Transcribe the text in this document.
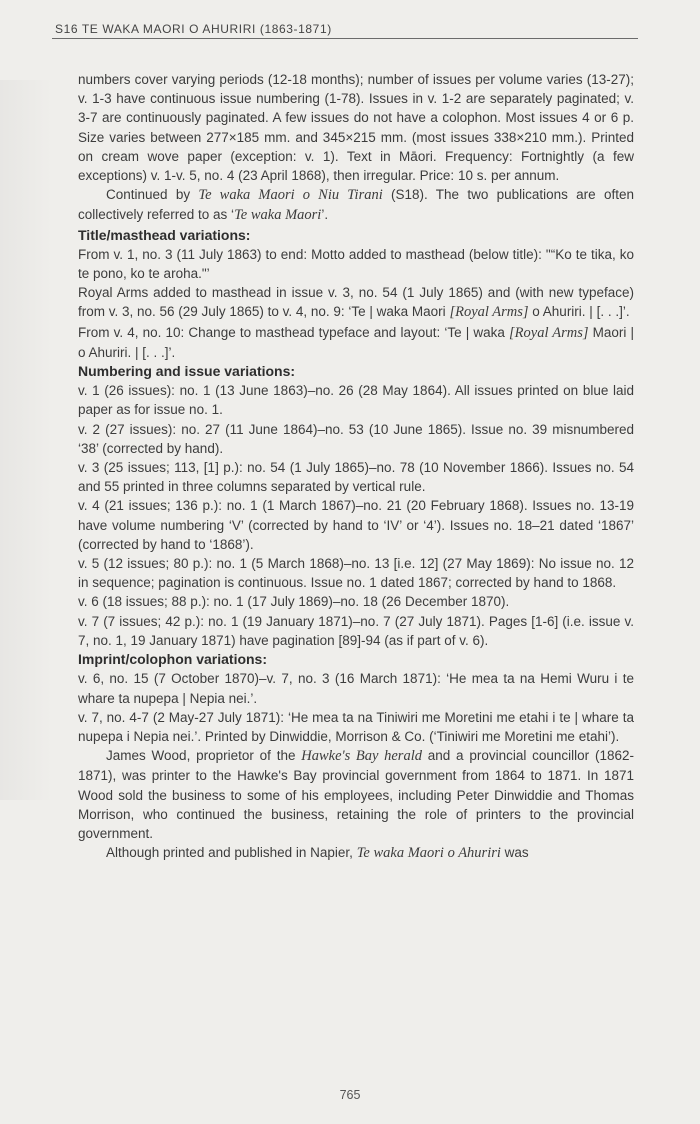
S16 TE WAKA MAORI O AHURIRI (1863-1871)

numbers cover varying periods (12-18 months); number of issues per volume varies (13-27); v. 1-3 have continuous issue numbering (1-78). Issues in v. 1-2 are separately paginated; v. 3-7 are continuously paginated. A few issues do not have a colophon. Most issues 4 or 6 p. Size varies between 277×185 mm. and 345×215 mm. (most issues 338×210 mm.). Printed on cream wove paper (exception: v. 1). Text in Māori. Frequency: Fortnightly (a few exceptions) v. 1-v. 5, no. 4 (23 April 1868), then irregular. Price: 10 s. per annum.

Continued by Te waka Maori o Niu Tirani (S18). The two publications are often collectively referred to as ‘Te waka Maori’.

Title/masthead variations:

From v. 1, no. 3 (11 July 1863) to end: Motto added to masthead (below title): "“Ko te tika, ko te pono, ko te aroha."’

Royal Arms added to masthead in issue v. 3, no. 54 (1 July 1865) and (with new typeface) from v. 3, no. 56 (29 July 1865) to v. 4, no. 9: ‘Te | waka Maori [Royal Arms] o Ahuriri. | [. . .]’.

From v. 4, no. 10: Change to masthead typeface and layout: ‘Te | waka [Royal Arms] Maori | o Ahuriri. | [. . .]’.

Numbering and issue variations:

v. 1 (26 issues): no. 1 (13 June 1863)–no. 26 (28 May 1864). All issues printed on blue laid paper as for issue no. 1.

v. 2 (27 issues): no. 27 (11 June 1864)–no. 53 (10 June 1865). Issue no. 39 misnumbered ‘38’ (corrected by hand).

v. 3 (25 issues; 113, [1] p.): no. 54 (1 July 1865)–no. 78 (10 November 1866). Issues no. 54 and 55 printed in three columns separated by vertical rule.

v. 4 (21 issues; 136 p.): no. 1 (1 March 1867)–no. 21 (20 February 1868). Issues no. 13-19 have volume numbering ‘V’ (corrected by hand to ‘IV’ or ‘4’). Issues no. 18–21 dated ‘1867’ (corrected by hand to ‘1868’).

v. 5 (12 issues; 80 p.): no. 1 (5 March 1868)–no. 13 [i.e. 12] (27 May 1869): No issue no. 12 in sequence; pagination is continuous. Issue no. 1 dated 1867; corrected by hand to 1868.

v. 6 (18 issues; 88 p.): no. 1 (17 July 1869)–no. 18 (26 December 1870).

v. 7 (7 issues; 42 p.): no. 1 (19 January 1871)–no. 7 (27 July 1871). Pages [1-6] (i.e. issue v. 7, no. 1, 19 January 1871) have pagination [89]-94 (as if part of v. 6).

Imprint/colophon variations:

v. 6, no. 15 (7 October 1870)–v. 7, no. 3 (16 March 1871): ‘He mea ta na Hemi Wuru i te whare ta nupepa | Nepia nei.’.

v. 7, no. 4-7 (2 May-27 July 1871): ‘He mea ta na Tiniwiri me Moretini me etahi i te | whare ta nupepa i Nepia nei.’. Printed by Dinwiddie, Morrison & Co. (‘Tiniwiri me Moretini me etahi’).

James Wood, proprietor of the Hawke's Bay herald and a provincial councillor (1862-1871), was printer to the Hawke's Bay provincial government from 1864 to 1871. In 1871 Wood sold the business to some of his employees, including Peter Dinwiddie and Thomas Morrison, who continued the business, retaining the role of printers to the provincial government.

Although printed and published in Napier, Te waka Maori o Ahuriri was

765
